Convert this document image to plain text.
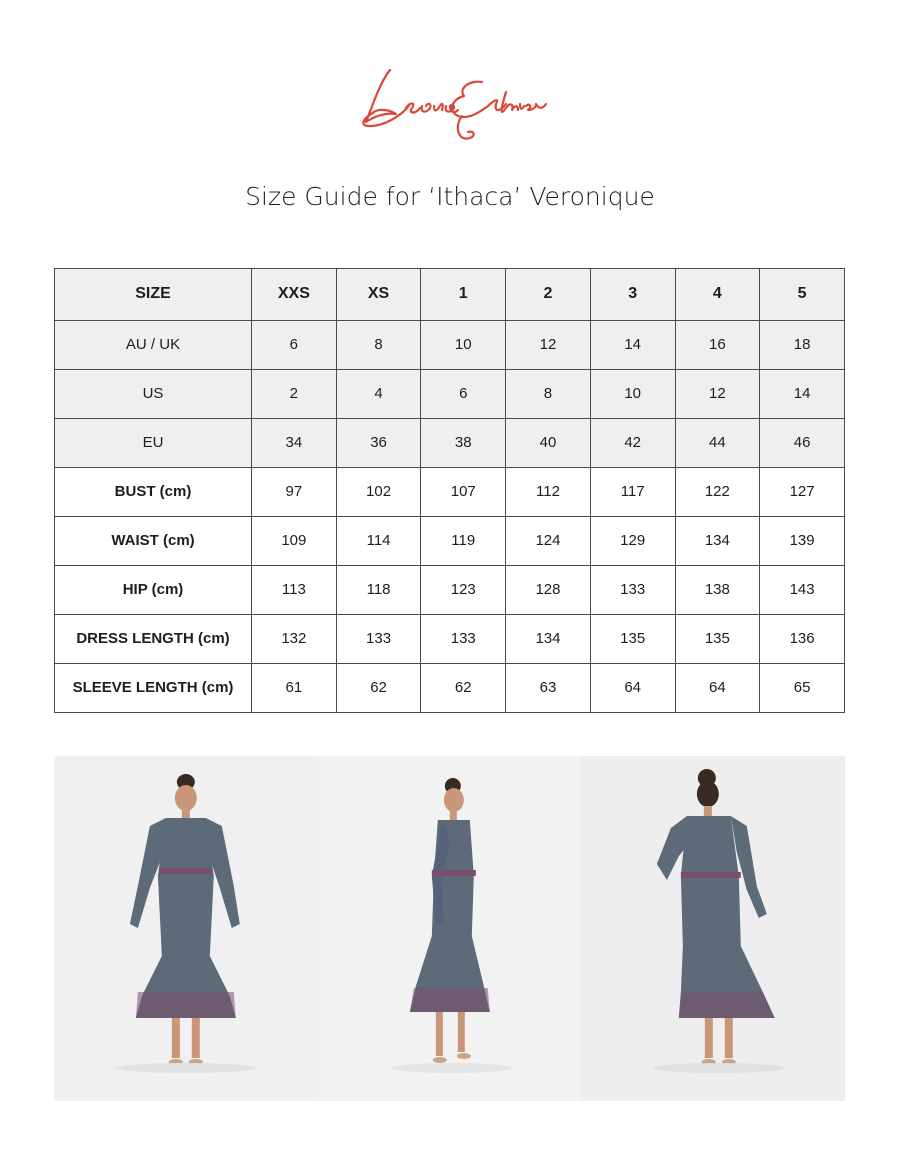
Size Guide for ‘Ithaca’ Veronique
SIZE	XXS	XS	1	2	3	4	5
AU / UK	6	8	10	12	14	16	18
US	2	4	6	8	10	12	14
EU	34	36	38	40	42	44	46
BUST (cm)	97	102	107	112	117	122	127
WAIST (cm)	109	114	119	124	129	134	139
HIP (cm)	113	118	123	128	133	138	143
DRESS LENGTH (cm)	132	133	133	134	135	135	136
SLEEVE LENGTH (cm)	61	62	62	63	64	64	65
